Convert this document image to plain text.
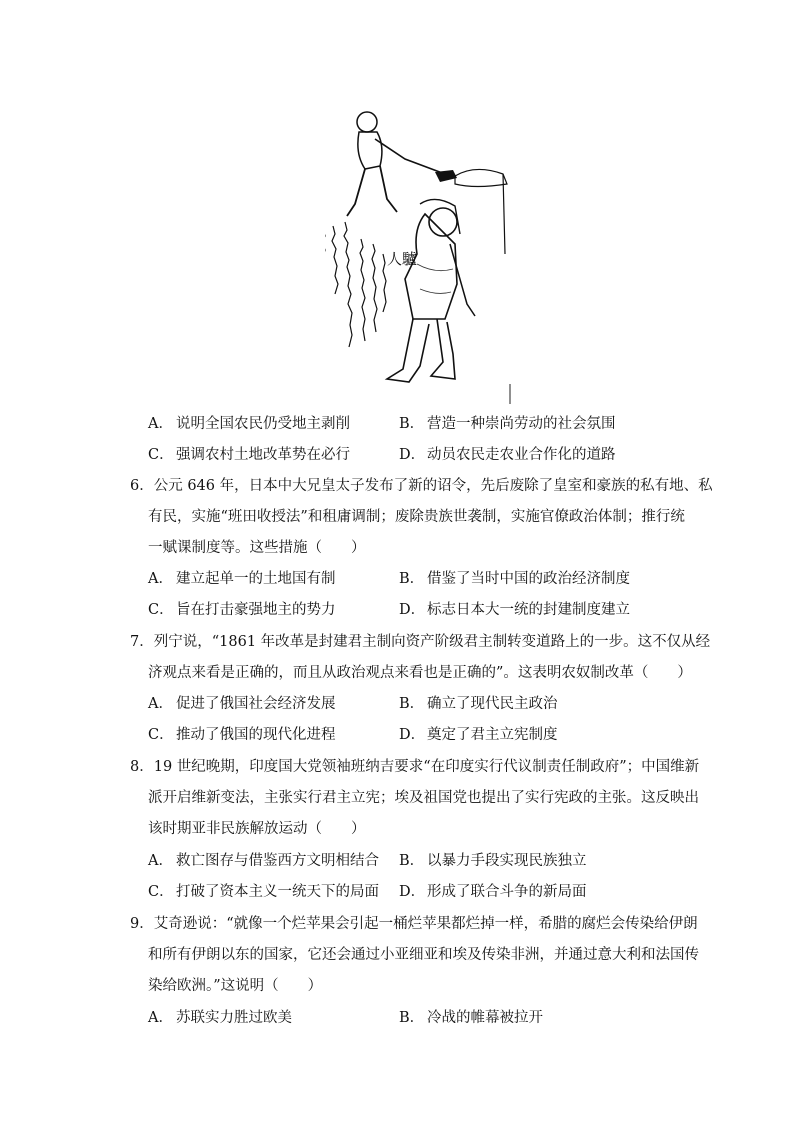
人驢
A． 说明全国农民仍受地主剥削	B． 营造一种崇尚劳动的社会氛围
C． 强调农村土地改革势在必行	D． 动员农民走农业合作化的道路
6．公元 646 年，日本中大兄皇太子发布了新的诏令，先后废除了皇室和豪族的私有地、私
有民，实施“班田收授法”和租庸调制；废除贵族世袭制，实施官僚政治体制；推行统
一赋课制度等。这些措施（　　）
A． 建立起单一的土地国有制	B． 借鉴了当时中国的政治经济制度
C． 旨在打击豪强地主的势力	D． 标志日本大一统的封建制度建立
7．列宁说，“1861 年改革是封建君主制向资产阶级君主制转变道路上的一步。这不仅从经
济观点来看是正确的，而且从政治观点来看也是正确的”。这表明农奴制改革（　　）
A． 促进了俄国社会经济发展	B． 确立了现代民主政治
C． 推动了俄国的现代化进程	D． 奠定了君主立宪制度
8．19 世纪晚期，印度国大党领袖班纳吉要求“在印度实行代议制责任制政府”；中国维新
派开启维新变法，主张实行君主立宪；埃及祖国党也提出了实行宪政的主张。这反映出
该时期亚非民族解放运动（　　）
A． 救亡图存与借鉴西方文明相结合 B． 以暴力手段实现民族独立
C． 打破了资本主义一统天下的局面 D． 形成了联合斗争的新局面
9．艾奇逊说：“就像一个烂苹果会引起一桶烂苹果都烂掉一样，希腊的腐烂会传染给伊朗
和所有伊朗以东的国家，它还会通过小亚细亚和埃及传染非洲，并通过意大利和法国传
染给欧洲。”这说明（　　）
A． 苏联实力胜过欧美	B． 冷战的帷幕被拉开
